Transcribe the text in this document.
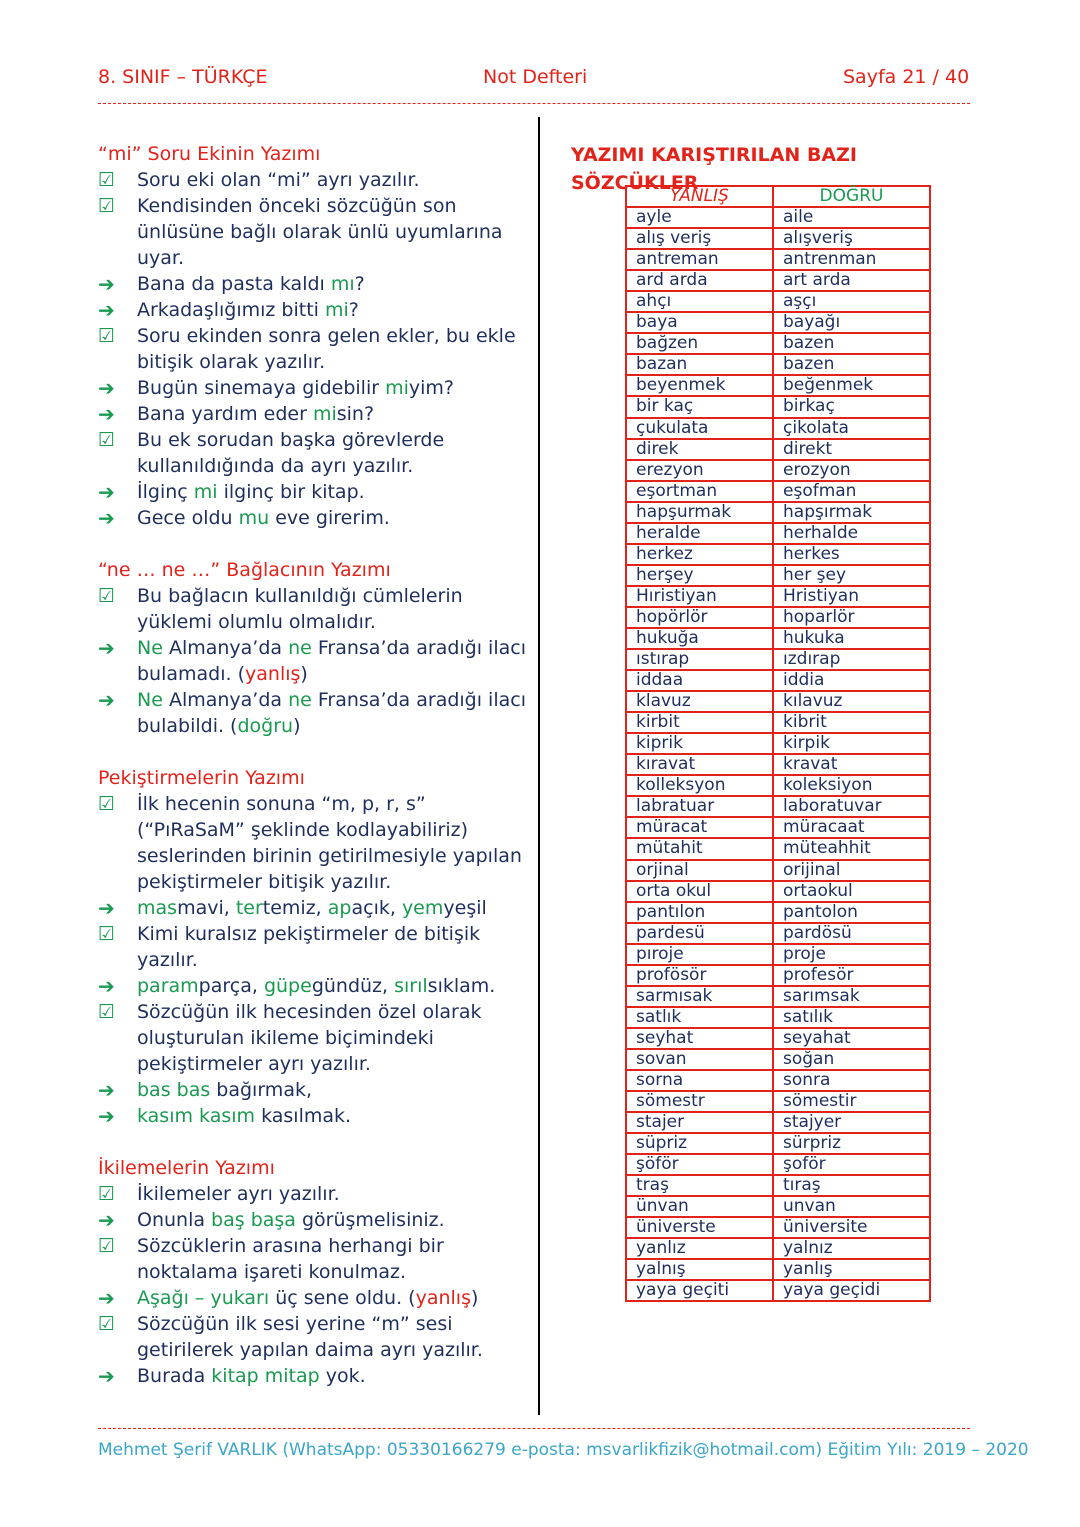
8. SINIF – TÜRKÇE	Not Defteri	Sayfa 21 / 40
“mi” Soru Ekinin Yazımı
☑	Soru eki olan “mi” ayrı yazılır.
☑	Kendisinden önceki sözcüğün son ünlüsüne bağlı olarak ünlü uyumlarına uyar.
➔	Bana da pasta kaldı mı?
➔	Arkadaşlığımız bitti mi?
☑	Soru ekinden sonra gelen ekler, bu ekle bitişik olarak yazılır.
➔	Bugün sinemaya gidebilir miyim?
➔	Bana yardım eder misin?
☑	Bu ek sorudan başka görevlerde kullanıldığında da ayrı yazılır.
➔	İlginç mi ilginç bir kitap.
➔	Gece oldu mu eve girerim.
“ne … ne …” Bağlacının Yazımı
☑	Bu bağlacın kullanıldığı cümlelerin yüklemi olumlu olmalıdır.
➔	Ne Almanya’da ne Fransa’da aradığı ilacı bulamadı. (yanlış)
➔	Ne Almanya’da ne Fransa’da aradığı ilacı bulabildi. (doğru)
Pekiştirmelerin Yazımı
☑	İlk hecenin sonuna “m, p, r, s” (“PıRaSaM” şeklinde kodlayabiliriz) seslerinden birinin getirilmesiyle yapılan pekiştirmeler bitişik yazılır.
➔	masmavi, tertemiz, apaçık, yemyeşil
☑	Kimi kuralsız pekiştirmeler de bitişik yazılır.
➔	paramparça, güpegündüz, sırılsıklam.
☑	Sözcüğün ilk hecesinden özel olarak oluşturulan ikileme biçimindeki pekiştirmeler ayrı yazılır.
➔	bas bas bağırmak,
➔	kasım kasım kasılmak.
İkilemelerin Yazımı
☑	İkilemeler ayrı yazılır.
➔	Onunla baş başa görüşmelisiniz.
☑	Sözcüklerin arasına herhangi bir noktalama işareti konulmaz.
➔	Aşağı – yukarı üç sene oldu. (yanlış)
☑	Sözcüğün ilk sesi yerine “m” sesi getirilerek yapılan daima ayrı yazılır.
➔	Burada kitap mitap yok.
YAZIMI KARIŞTIRILAN BAZI SÖZCÜKLER
YANLIŞ	DOĞRU
ayle	aile
alış veriş	alışveriş
antreman	antrenman
ard arda	art arda
ahçı	aşçı
baya	bayağı
bağzen	bazen
bazan	bazen
beyenmek	beğenmek
bir kaç	birkaç
çukulata	çikolata
direk	direkt
erezyon	erozyon
eşortman	eşofman
hapşurmak	hapşırmak
heralde	herhalde
herkez	herkes
herşey	her şey
Hıristiyan	Hristiyan
hopörlör	hoparlör
hukuğa	hukuka
ıstırap	ızdırap
iddaa	iddia
klavuz	kılavuz
kirbit	kibrit
kiprik	kirpik
kıravat	kravat
kolleksyon	koleksiyon
labratuar	laboratuvar
müracat	müracaat
mütahit	müteahhit
orjinal	orijinal
orta okul	ortaokul
pantılon	pantolon
pardesü	pardösü
pıroje	proje
profösör	profesör
sarmısak	sarımsak
satlık	satılık
seyhat	seyahat
sovan	soğan
sorna	sonra
sömestr	sömestir
stajer	stajyer
süpriz	sürpriz
şöför	şoför
traş	tıraş
ünvan	unvan
üniverste	üniversite
yanlız	yalnız
yalnış	yanlış
yaya geçiti	yaya geçidi
Mehmet Şerif VARLIK (WhatsApp: 05330166279 e-posta: msvarlikfizik@hotmail.com) Eğitim Yılı: 2019 – 2020
